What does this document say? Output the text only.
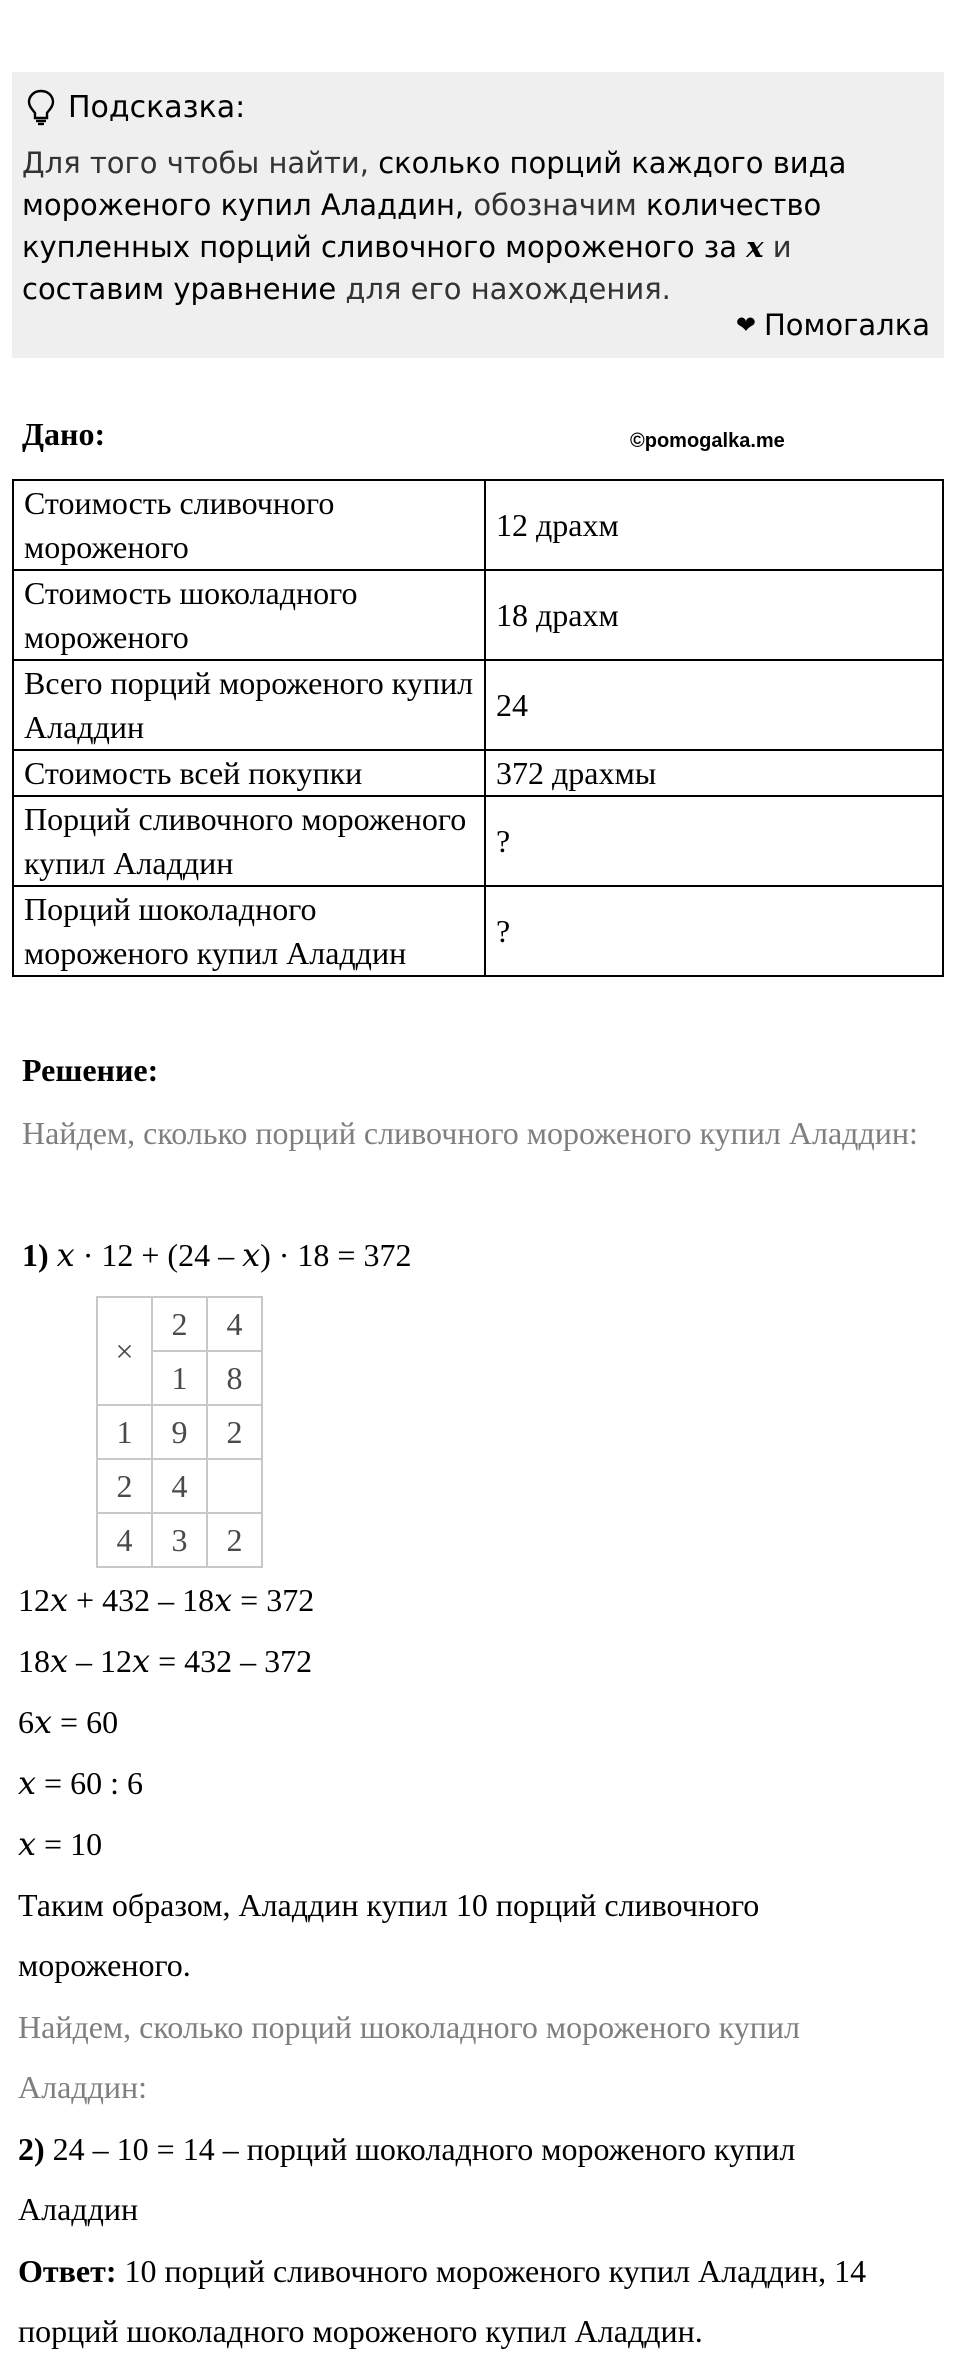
Подсказка:
Для того чтобы найти, сколько порций каждого вида мороженого купил Аладдин, обозначим количество купленных порций сливочного мороженого за x и составим уравнение для его нахождения.
❤ Помогалка
Дано:	©pomogalka.me
Стоимость сливочного мороженого	12 драхм
Стоимость шоколадного мороженого	18 драхм
Всего порций мороженого купил Аладдин	24
Стоимость всей покупки	372 драхмы
Порций сливочного мороженого купил Аладдин	?
Порций шоколадного мороженого купил Аладдин	?
Решение:
Найдем, сколько порций сливочного мороженого купил Аладдин:
1) x · 12 + (24 – x) · 18 = 372
×	2	4
	1	8
1	9	2
2	4	
4	3	2
12x + 432 – 18x = 372
18x – 12x = 432 – 372
6x = 60
x = 60 : 6
x = 10
Таким образом, Аладдин купил 10 порций сливочного мороженого.
Найдем, сколько порций шоколадного мороженого купил Аладдин:
2) 24 – 10 = 14 – порций шоколадного мороженого купил Аладдин
Ответ: 10 порций сливочного мороженого купил Аладдин, 14 порций шоколадного мороженого купил Аладдин.
